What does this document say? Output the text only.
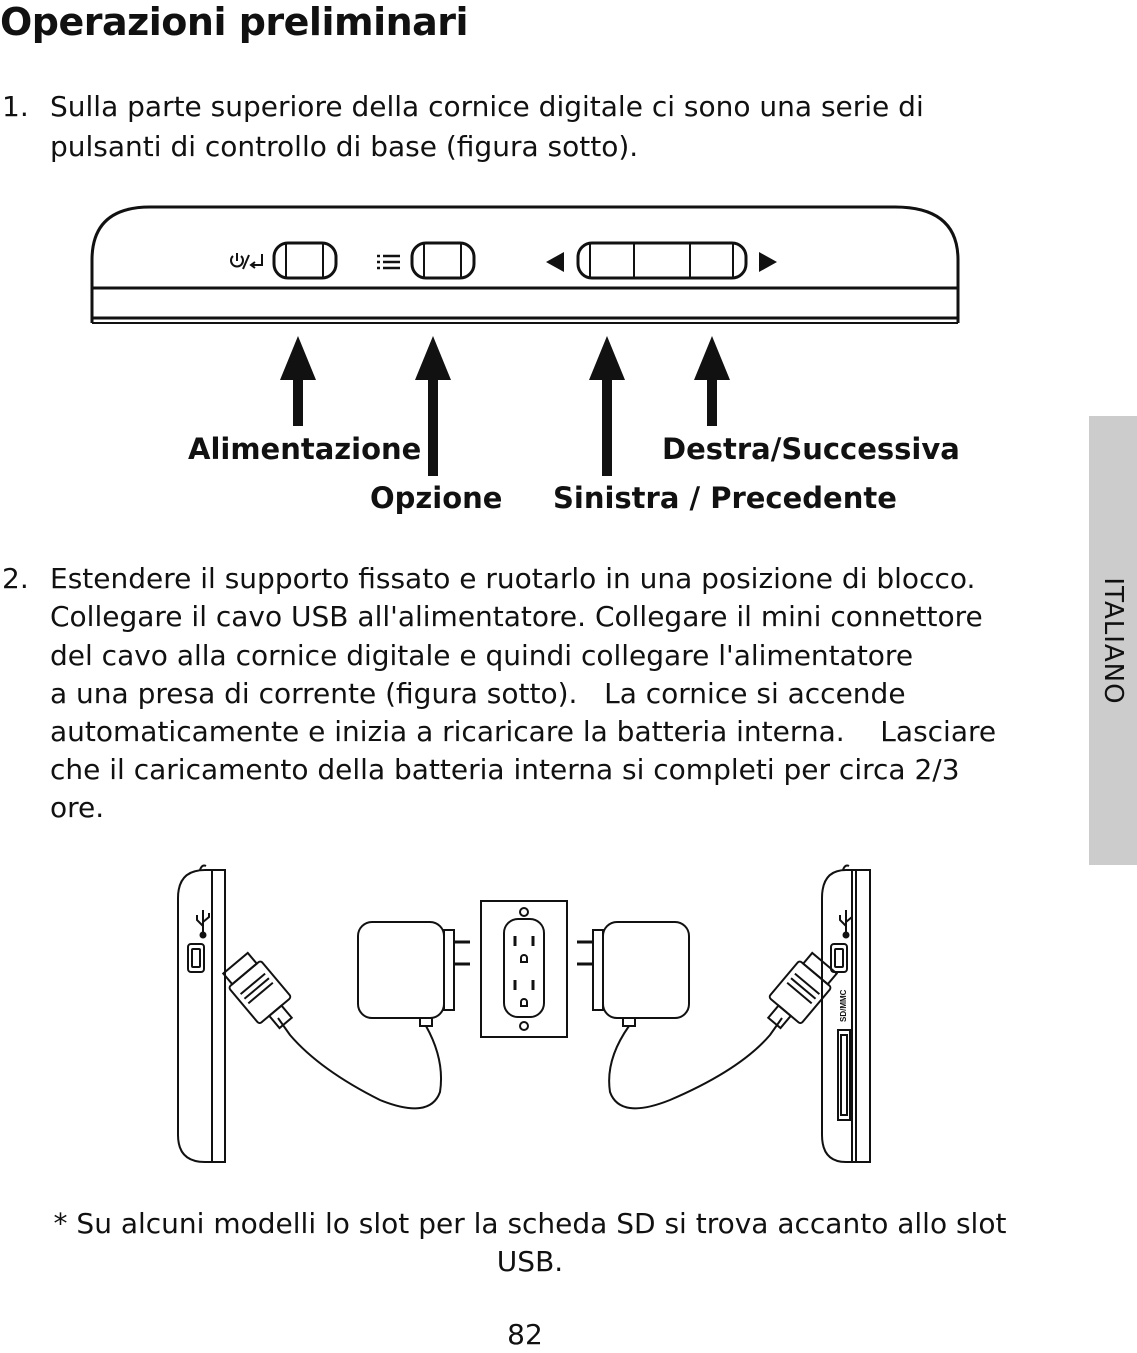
Operazioni preliminari
1. Sulla parte superiore della cornice digitale ci sono una serie di
pulsanti di controllo di base (figura sotto).
Alimentazione	Destra/Successiva
Opzione Sinistra / Precedente
2. Estendere il supporto fissato e ruotarlo in una posizione di blocco.
Collegare il cavo USB all'alimentatore. Collegare il mini connettore
del cavo alla cornice digitale e quindi collegare l'alimentatore
a una presa di corrente (figura sotto).   La cornice si accende
automaticamente e inizia a ricaricare la batteria interna.    Lasciare
che il caricamento della batteria interna si completi per circa 2/3
ore.
SD/MMC
* Su alcuni modelli lo slot per la scheda SD si trova accanto allo slot USB.
82
ITALIANO
